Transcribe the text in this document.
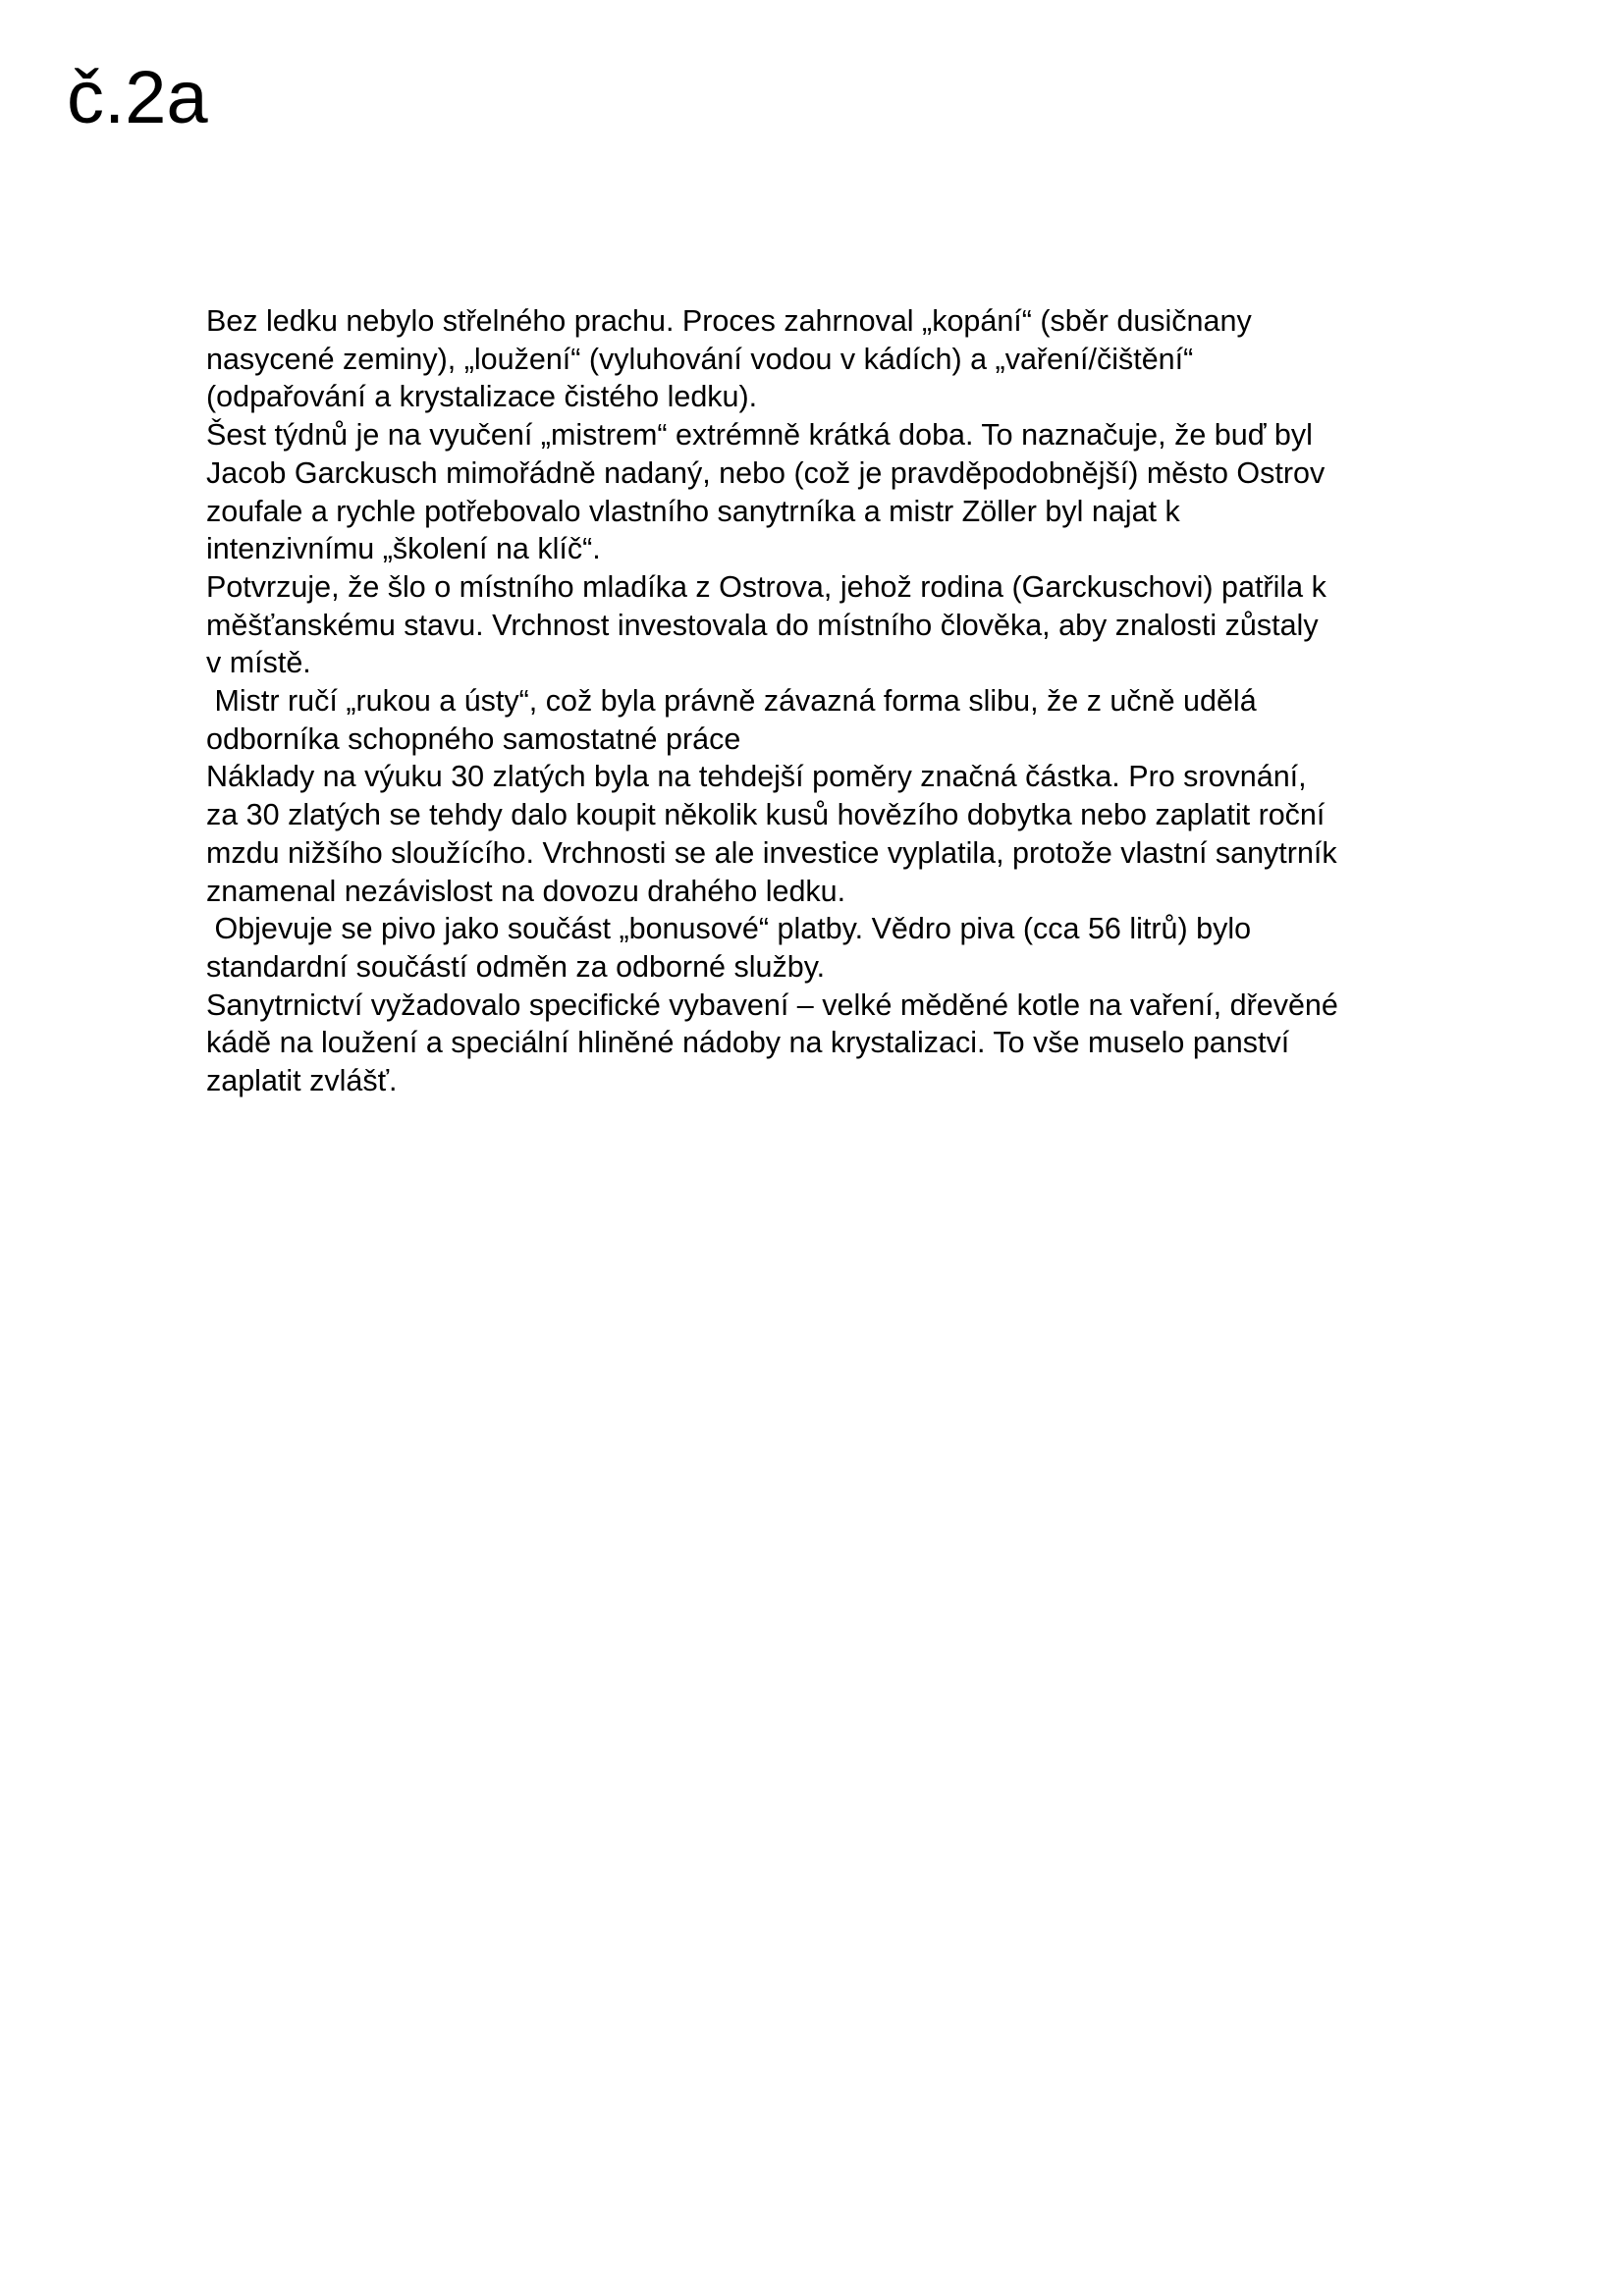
č.2a
Bez ledku nebylo střelného prachu. Proces zahrnoval „kopání“ (sběr dusičnany
nasycené zeminy), „loužení“ (vyluhování vodou v kádích) a „vaření/čištění“
(odpařování a krystalizace čistého ledku).
Šest týdnů je na vyučení „mistrem“ extrémně krátká doba. To naznačuje, že buď byl
Jacob Garckusch mimořádně nadaný, nebo (což je pravděpodobnější) město Ostrov
zoufale a rychle potřebovalo vlastního sanytrníka a mistr Zöller byl najat k
intenzivnímu „školení na klíč“.
Potvrzuje, že šlo o místního mladíka z Ostrova, jehož rodina (Garckuschovi) patřila k
měšťanskému stavu. Vrchnost investovala do místního člověka, aby znalosti zůstaly
v místě.
Mistr ručí „rukou a ústy“, což byla právně závazná forma slibu, že z učně udělá
odborníka schopného samostatné práce
Náklady na výuku 30 zlatých byla na tehdejší poměry značná částka. Pro srovnání,
za 30 zlatých se tehdy dalo koupit několik kusů hovězího dobytka nebo zaplatit roční
mzdu nižšího sloužícího. Vrchnosti se ale investice vyplatila, protože vlastní sanytrník
znamenal nezávislost na dovozu drahého ledku.
Objevuje se pivo jako součást „bonusové“ platby. Vědro piva (cca 56 litrů) bylo
standardní součástí odměn za odborné služby.
Sanytrnictví vyžadovalo specifické vybavení – velké měděné kotle na vaření, dřevěné
kádě na loužení a speciální hliněné nádoby na krystalizaci. To vše muselo panství
zaplatit zvlášť.
